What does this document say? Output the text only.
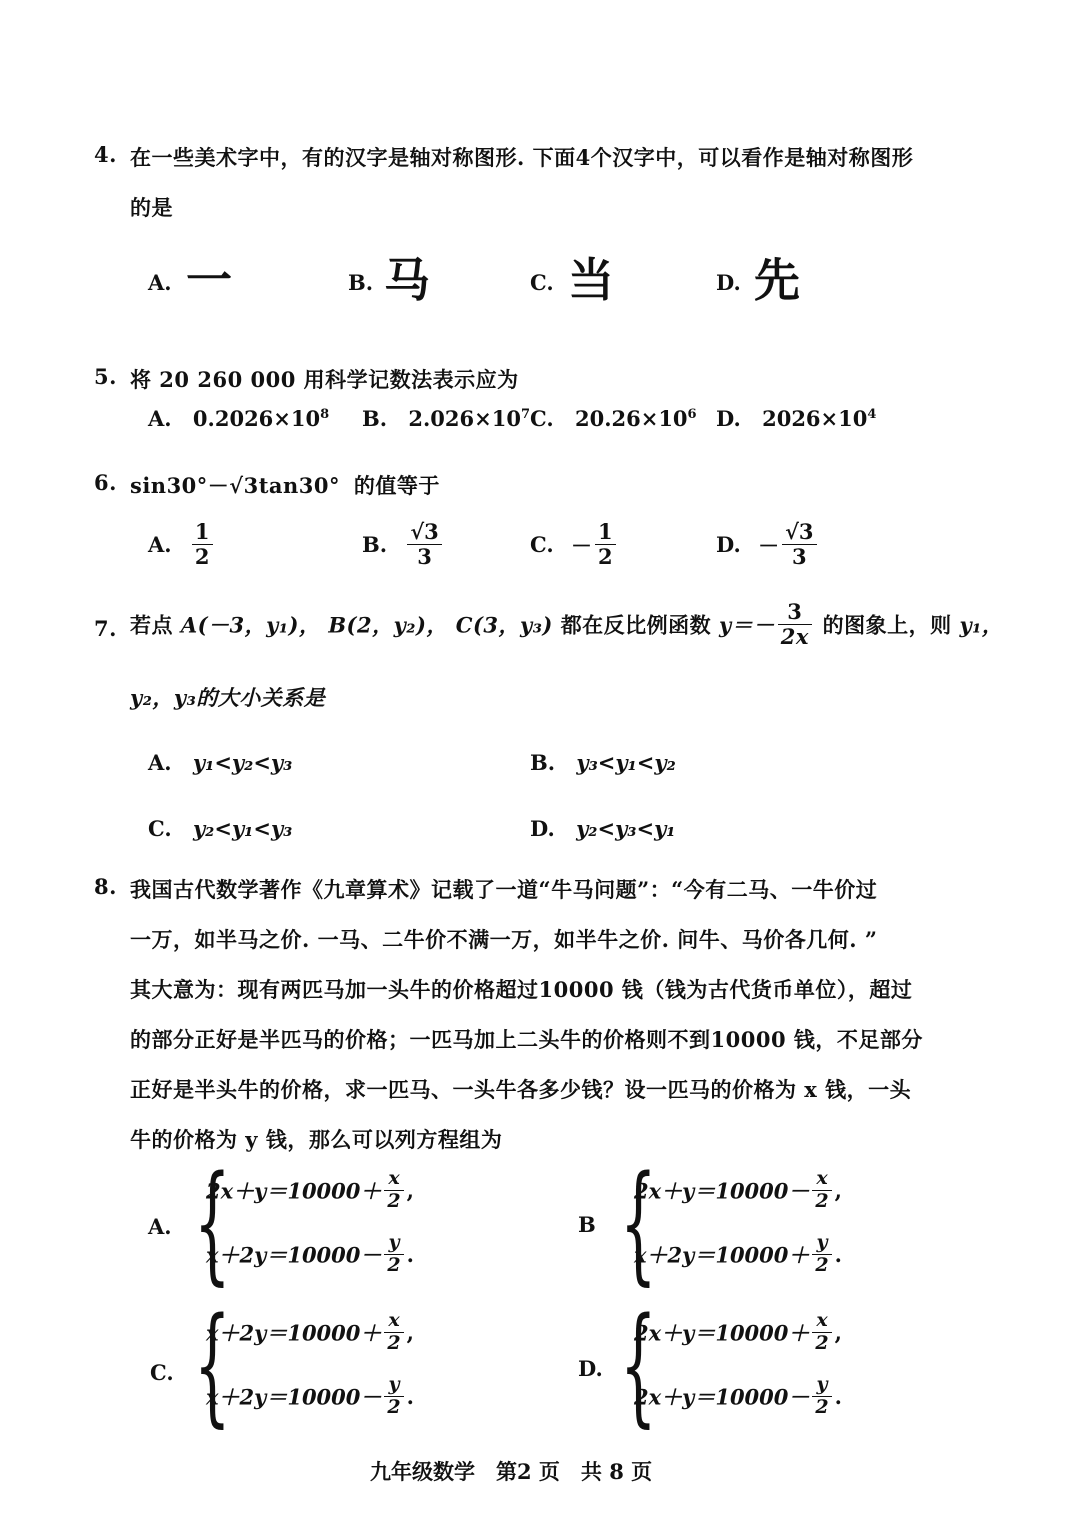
4. 在一些美术字中，有的汉字是轴对称图形. 下面4个汉字中，可以看作是轴对称图形
的是
A. 一	B. 马	C. 当	D. 先
5. 将 20 260 000 用科学记数法表示应为
A. $0.2026\times 10^8$ B. $2.026\times 10^7$ C. $20.26\times 10^6$ D. $2026\times 10^4$
6. sin30°－√3tan30° 的值等于
A. $\frac{1}{2}$	B. $\frac{√3}{3}$	C. － $\frac{1}{2}$	D. － $\frac{√3}{3}$
7. 若点 A(－3，y₁)， B(2，y₂)， C(3，y₃) 都在反比例函数 $y=- \frac{3}{2x}$ 的图象上，则 y₁，
y₂，y₃的大小关系是
A. y₁<y₂<y₃	B. y₃<y₁<y₂
C. y₂<y₁<y₃	D. y₂<y₃<y₁
8. 我国古代数学著作《九章算术》记载了一道“牛马问题”：“今有二马、一牛价过
一万，如半马之价. 一马、二牛价不满一万，如半牛之价. 问牛、马价各几何. ”
其大意为：现有两匹马加一头牛的价格超过10000 钱（钱为古代货币单位），超过
的部分正好是半匹马的价格；一匹马加上二头牛的价格则不到10000 钱，不足部分
正好是半头牛的价格，求一匹马、一头牛各多少钱？设一匹马的价格为 x 钱，一头
牛的价格为 y 钱，那么可以列方程组为
A. {
$2x+y=10000+ \frac{x}{2}$ ,
$x+2y=10000- \frac{y}{2}$ .
B {
$2x+y=10000- \frac{x}{2}$ ,
$x+2y=10000+ \frac{y}{2}$ .
C. {
$x+2y=10000+ \frac{x}{2}$ ,
$x+2y=10000- \frac{y}{2}$ .
D. {
$2x+y=10000+ \frac{x}{2}$ ,
$2x+y=10000- \frac{y}{2}$ .
九年级数学　第2 页　共 8 页
